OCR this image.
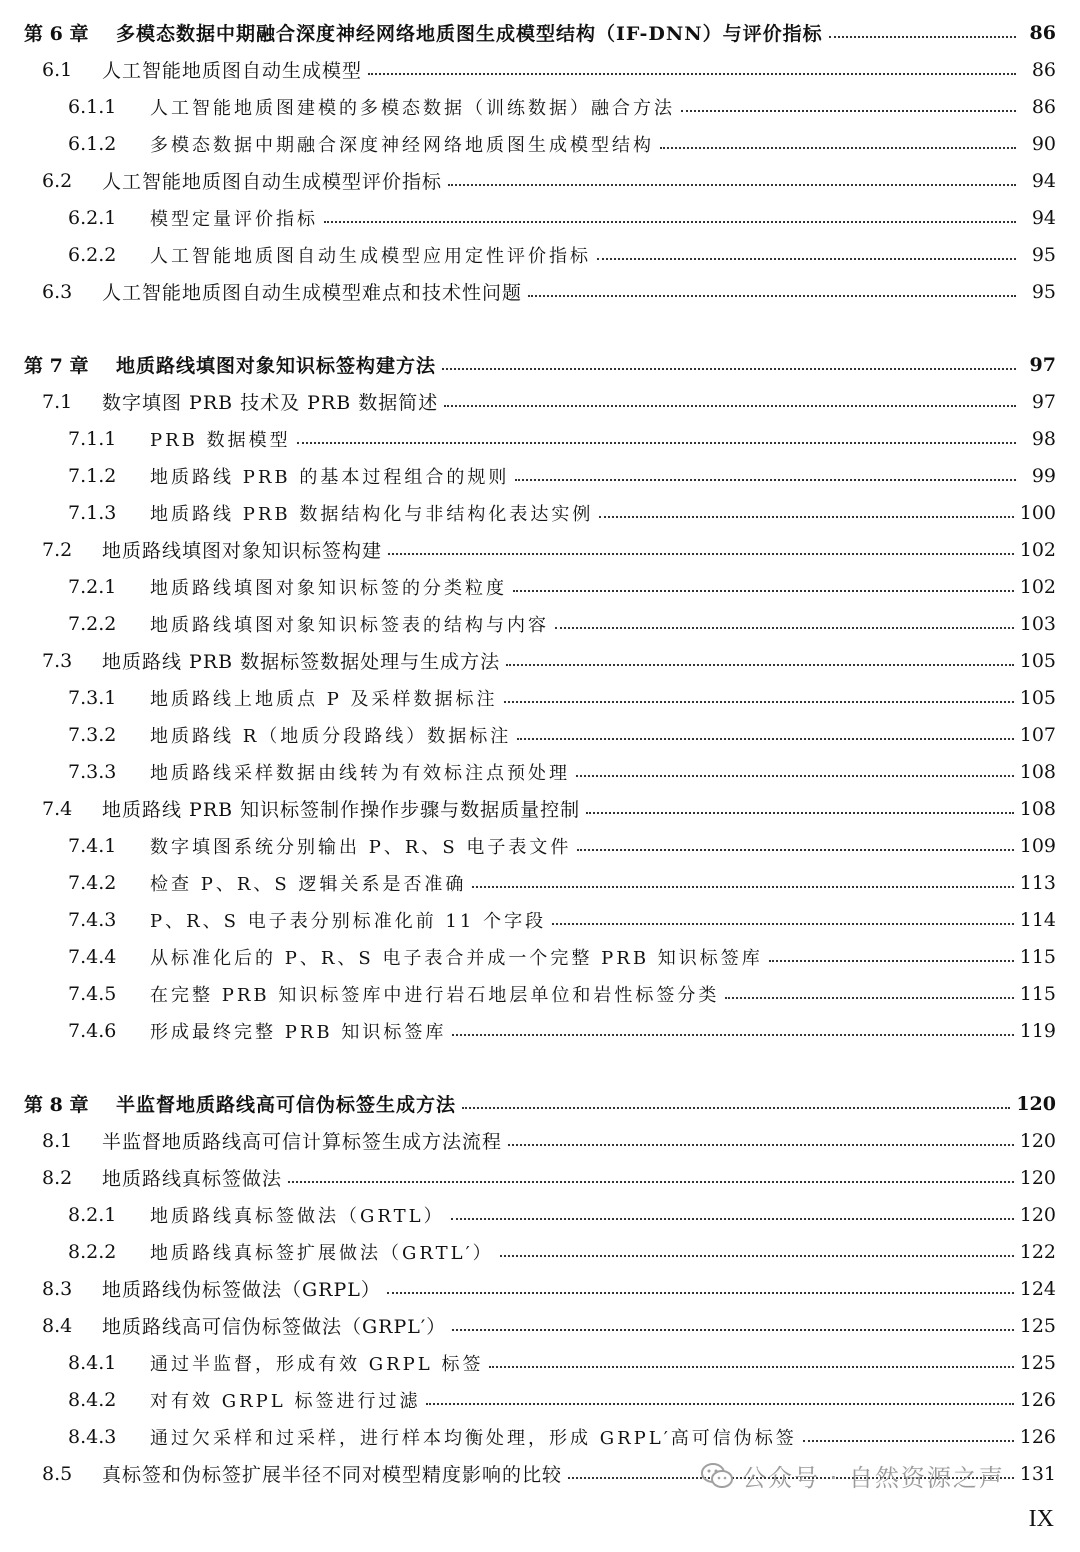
第 6 章	多模态数据中期融合深度神经网络地质图生成模型结构（IF-DNN）与评价指标	86
6.1	人工智能地质图自动生成模型	86
6.1.1	人工智能地质图建模的多模态数据（训练数据）融合方法	86
6.1.2	多模态数据中期融合深度神经网络地质图生成模型结构	90
6.2	人工智能地质图自动生成模型评价指标	94
6.2.1	模型定量评价指标	94
6.2.2	人工智能地质图自动生成模型应用定性评价指标	95
6.3	人工智能地质图自动生成模型难点和技术性问题	95
第 7 章	地质路线填图对象知识标签构建方法	97
7.1	数字填图 PRB 技术及 PRB 数据简述	97
7.1.1	PRB 数据模型	98
7.1.2	地质路线 PRB 的基本过程组合的规则	99
7.1.3	地质路线 PRB 数据结构化与非结构化表达实例	100
7.2	地质路线填图对象知识标签构建	102
7.2.1	地质路线填图对象知识标签的分类粒度	102
7.2.2	地质路线填图对象知识标签表的结构与内容	103
7.3	地质路线 PRB 数据标签数据处理与生成方法	105
7.3.1	地质路线上地质点 P 及采样数据标注	105
7.3.2	地质路线 R（地质分段路线）数据标注	107
7.3.3	地质路线采样数据由线转为有效标注点预处理	108
7.4	地质路线 PRB 知识标签制作操作步骤与数据质量控制	108
7.4.1	数字填图系统分别输出 P、R、S 电子表文件	109
7.4.2	检查 P、R、S 逻辑关系是否准确	113
7.4.3	P、R、S 电子表分别标准化前 11 个字段	114
7.4.4	从标准化后的 P、R、S 电子表合并成一个完整 PRB 知识标签库	115
7.4.5	在完整 PRB 知识标签库中进行岩石地层单位和岩性标签分类	115
7.4.6	形成最终完整 PRB 知识标签库	119
第 8 章	半监督地质路线高可信伪标签生成方法	120
8.1	半监督地质路线高可信计算标签生成方法流程	120
8.2	地质路线真标签做法	120
8.2.1	地质路线真标签做法（GRTL）	120
8.2.2	地质路线真标签扩展做法（GRTL′）	122
8.3	地质路线伪标签做法（GRPL）	124
8.4	地质路线高可信伪标签做法（GRPL′）	125
8.4.1	通过半监督，形成有效 GRPL 标签	125
8.4.2	对有效 GRPL 标签进行过滤	126
8.4.3	通过欠采样和过采样，进行样本均衡处理，形成 GRPL′高可信伪标签	126
8.5	真标签和伪标签扩展半径不同对模型精度影响的比较	131
公众号 · 自然资源之声
IX
